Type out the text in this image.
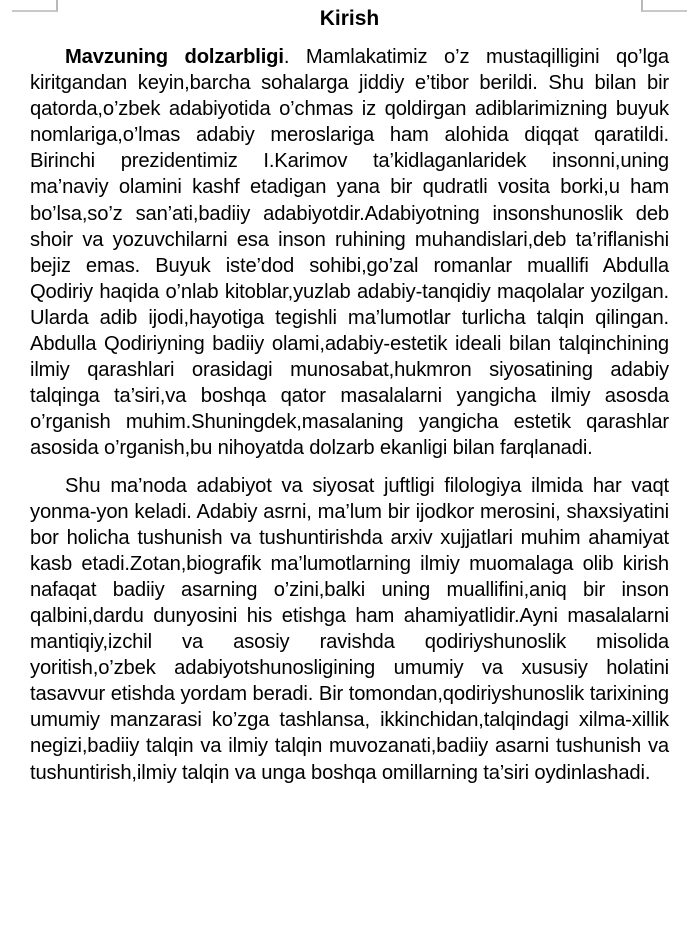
Kirish

Mavzuning dolzarbligi. Mamlakatimiz o’z mustaqilligini qo’lga kiritgandan keyin,barcha sohalarga jiddiy e’tibor berildi. Shu bilan bir qatorda,o’zbek adabiyotida o’chmas iz qoldirgan adiblarimizning buyuk nomlariga,o’lmas adabiy meroslariga ham alohida diqqat qaratildi. Birinchi prezidentimiz I.Karimov ta’kidlaganlaridek insonni,uning ma’naviy olamini kashf etadigan yana bir qudratli vosita borki,u ham bo’lsa,so’z san’ati,badiiy adabiyotdir.Adabiyotning insonshunoslik deb shoir va yozuvchilarni esa inson ruhining muhandislari,deb ta’riflanishi bejiz emas. Buyuk iste’dod sohibi,go’zal romanlar muallifi Abdulla Qodiriy haqida o’nlab kitoblar,yuzlab adabiy-tanqidiy maqolalar yozilgan. Ularda adib ijodi,hayotiga tegishli ma’lumotlar turlicha talqin qilingan. Abdulla Qodiriyning badiiy olami,adabiy-estetik ideali bilan talqinchining ilmiy qarashlari orasidagi munosabat,hukmron siyosatining adabiy talqinga ta’siri,va boshqa qator masalalarni yangicha ilmiy asosda o’rganish muhim.Shuningdek,masalaning yangicha estetik qarashlar asosida o’rganish,bu nihoyatda dolzarb ekanligi bilan farqlanadi.

Shu ma’noda adabiyot va siyosat juftligi filologiya ilmida har vaqt yonma-yon keladi. Adabiy asrni, ma’lum bir ijodkor merosini, shaxsiyatini bor holicha tushunish va tushuntirishda arxiv xujjatlari muhim ahamiyat kasb etadi.Zotan,biografik ma’lumotlarning ilmiy muomalaga olib kirish nafaqat badiiy asarning o’zini,balki uning muallifini,aniq bir inson qalbini,dardu dunyosini his etishga ham ahamiyatlidir.Ayni masalalarni mantiqiy,izchil va asosiy ravishda qodiriyshunoslik misolida yoritish,o’zbek adabiyotshunosligining umumiy va xususiy holatini tasavvur etishda yordam beradi. Bir tomondan,qodiriyshunoslik tarixining umumiy manzarasi ko’zga tashlansa, ikkinchidan,talqindagi xilma-xillik negizi,badiiy talqin va ilmiy talqin muvozanati,badiiy asarni tushunish va tushuntirish,ilmiy talqin va unga boshqa omillarning ta’siri oydinlashadi.
